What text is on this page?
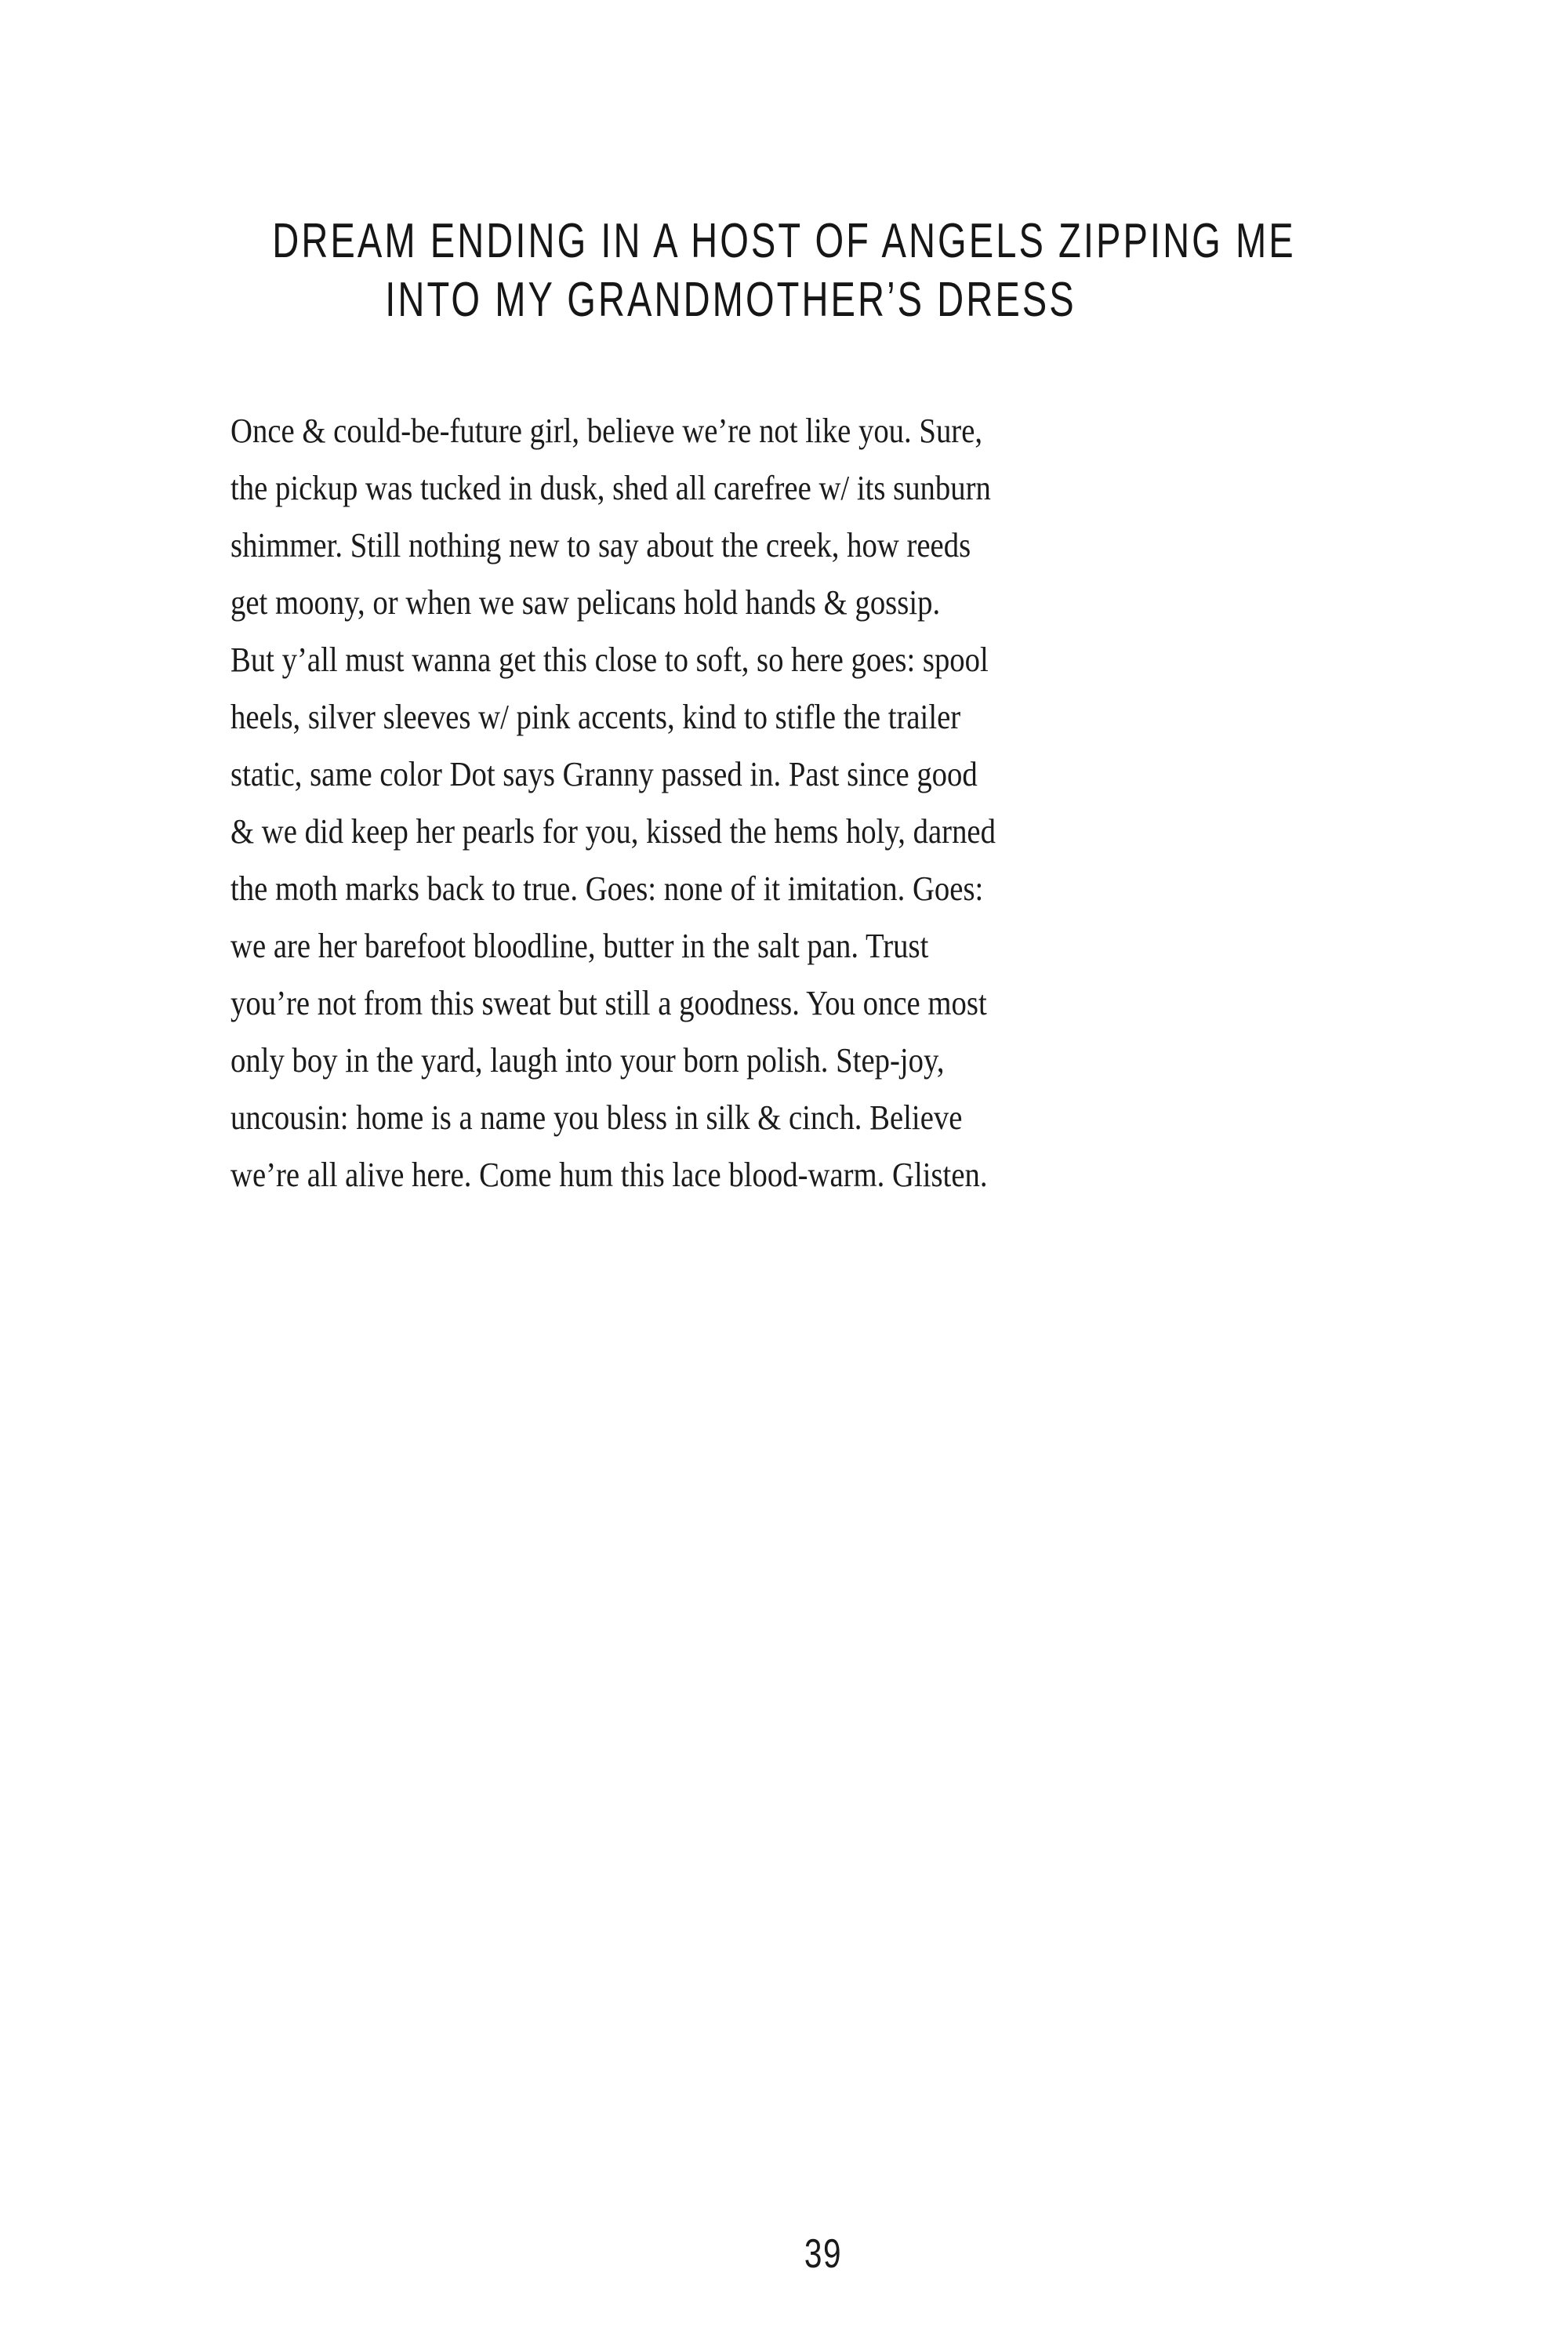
DREAM ENDING IN A HOST OF ANGELS ZIPPING ME
INTO MY GRANDMOTHER’S DRESS
Once & could-be-future girl, believe we’re not like you. Sure,
the pickup was tucked in dusk, shed all carefree w/ its sunburn
shimmer. Still nothing new to say about the creek, how reeds
get moony, or when we saw pelicans hold hands & gossip.
But y’all must wanna get this close to soft, so here goes: spool
heels, silver sleeves w/ pink accents, kind to stifle the trailer
static, same color Dot says Granny passed in. Past since good
& we did keep her pearls for you, kissed the hems holy, darned
the moth marks back to true. Goes: none of it imitation. Goes:
we are her barefoot bloodline, butter in the salt pan. Trust
you’re not from this sweat but still a goodness. You once most
only boy in the yard, laugh into your born polish. Step-joy,
uncousin: home is a name you bless in silk & cinch. Believe
we’re all alive here. Come hum this lace blood-warm. Glisten.
39
